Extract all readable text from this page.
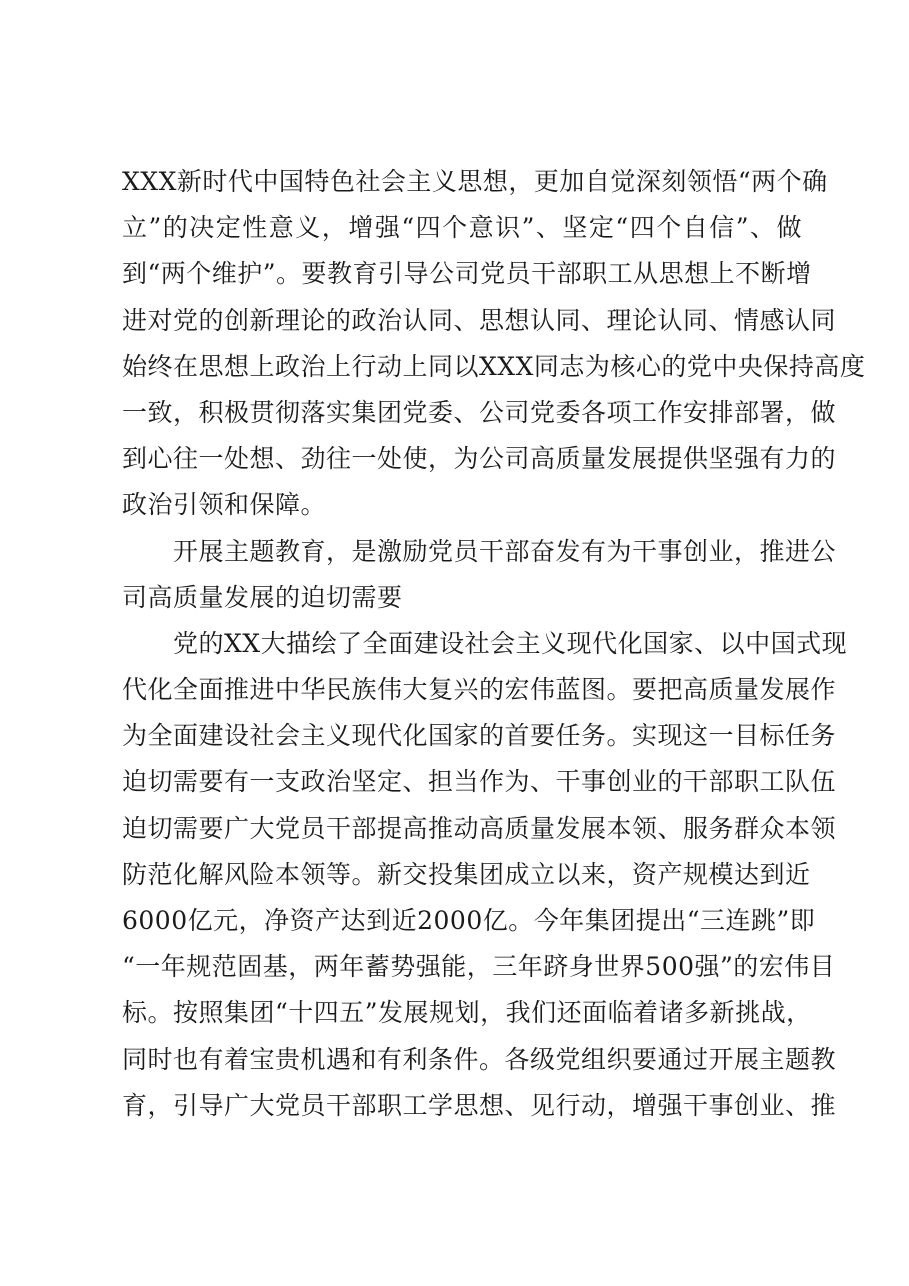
XXX新时代中国特色社会主义思想，更加自觉深刻领悟“两个确
立”的决定性意义，增强“四个意识”、坚定“四个自信”、做
到“两个维护”。要教育引导公司党员干部职工从思想上不断增
进对党的创新理论的政治认同、思想认同、理论认同、情感认同
始终在思想上政治上行动上同以XXX同志为核心的党中央保持高度
一致，积极贯彻落实集团党委、公司党委各项工作安排部署，做
到心往一处想、劲往一处使，为公司高质量发展提供坚强有力的
政治引领和保障。
　　开展主题教育，是激励党员干部奋发有为干事创业，推进公
司高质量发展的迫切需要
　　党的XX大描绘了全面建设社会主义现代化国家、以中国式现
代化全面推进中华民族伟大复兴的宏伟蓝图。要把高质量发展作
为全面建设社会主义现代化国家的首要任务。实现这一目标任务
迫切需要有一支政治坚定、担当作为、干事创业的干部职工队伍
迫切需要广大党员干部提高推动高质量发展本领、服务群众本领
防范化解风险本领等。新交投集团成立以来，资产规模达到近
6000亿元，净资产达到近2000亿。今年集团提出“三连跳”即
“一年规范固基，两年蓄势强能，三年跻身世界500强”的宏伟目
标。按照集团“十四五”发展规划，我们还面临着诸多新挑战，
同时也有着宝贵机遇和有利条件。各级党组织要通过开展主题教
育，引导广大党员干部职工学思想、见行动，增强干事创业、推
